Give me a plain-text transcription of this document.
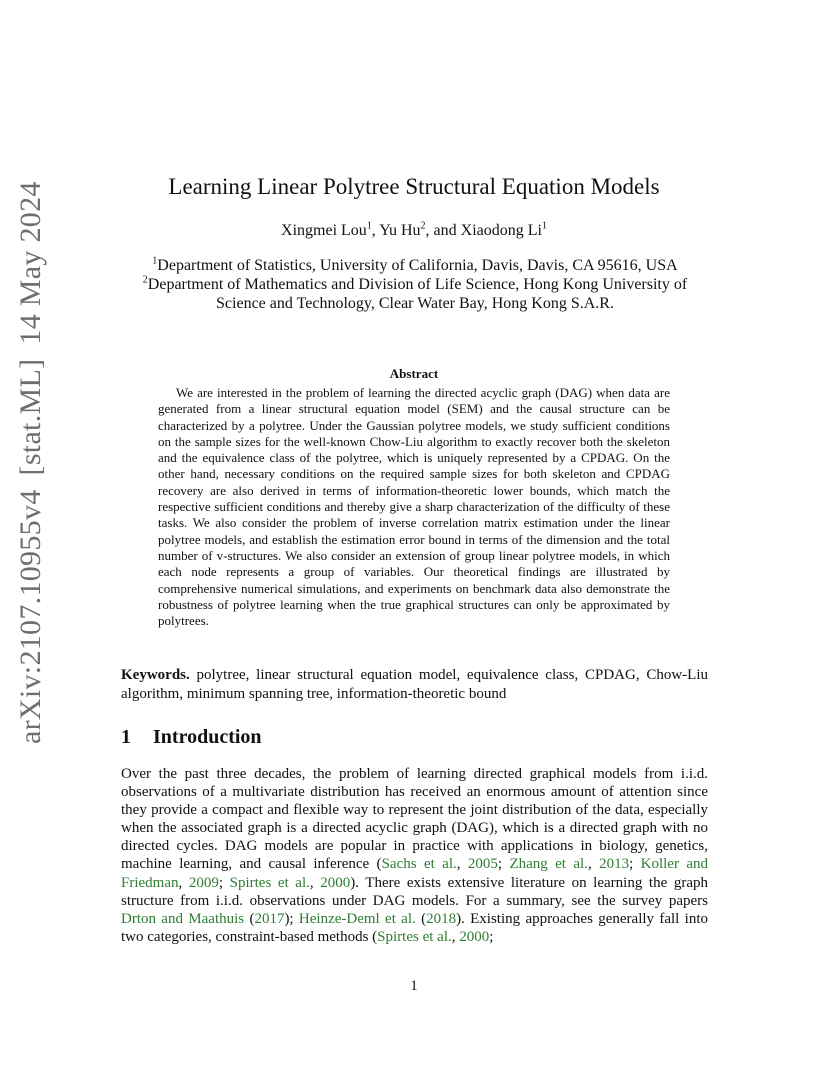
arXiv:2107.10955v4[stat.ML]14 May 2024	Learning Linear Polytree Structural Equation Models
Xingmei Lou$^1$, Yu Hu$^2$, and Xiaodong Li$^1$
$^1$Department of Statistics, University of California, Davis, Davis, CA 95616, USA
$^2$Department of Mathematics and Division of Life Science, Hong Kong University of Science and Technology, Clear Water Bay, Hong Kong S.A.R.
Abstract

We are interested in the problem of learning the directed acyclic graph (DAG) when data are generated from a linear structural equation model (SEM) and the causal structure can be characterized by a polytree. Under the Gaussian polytree models, we study sufficient conditions on the sample sizes for the well-known Chow-Liu algorithm to exactly recover both the skeleton and the equivalence class of the polytree, which is uniquely represented by a CPDAG. On the other hand, necessary conditions on the required sample sizes for both skeleton and CPDAG recovery are also derived in terms of information-theoretic lower bounds, which match the respective sufficient conditions and thereby give a sharp characterization of the difficulty of these tasks. We also consider the problem of inverse correlation matrix estimation under the linear polytree models, and establish the estimation error bound in terms of the dimension and the total number of v-structures. We also consider an extension of group linear polytree models, in which each node represents a group of variables. Our theoretical findings are illustrated by comprehensive numerical simulations, and experiments on benchmark data also demonstrate the robustness of polytree learning when the true graphical structures can only be approximated by polytrees.

Keywords. polytree, linear structural equation model, equivalence class, CPDAG, Chow-Liu algorithm, minimum spanning tree, information-theoretic bound

1 Introduction

Over the past three decades, the problem of learning directed graphical models from i.i.d. observations of a multivariate distribution has received an enormous amount of attention since they provide a compact and flexible way to represent the joint distribution of the data, especially when the associated graph is a directed acyclic graph (DAG), which is a directed graph with no directed cycles. DAG models are popular in practice with applications in biology, genetics, machine learning, and causal inference (Sachs et al., 2005; Zhang et al., 2013; Koller and Friedman, 2009; Spirtes et al., 2000). There exists extensive literature on learning the graph structure from i.i.d. observations under DAG models. For a summary, see the survey papers Drton and Maathuis (2017); Heinze-Deml et al. (2018). Existing approaches generally fall into two categories, constraint-based methods (Spirtes et al., 2000;

1
